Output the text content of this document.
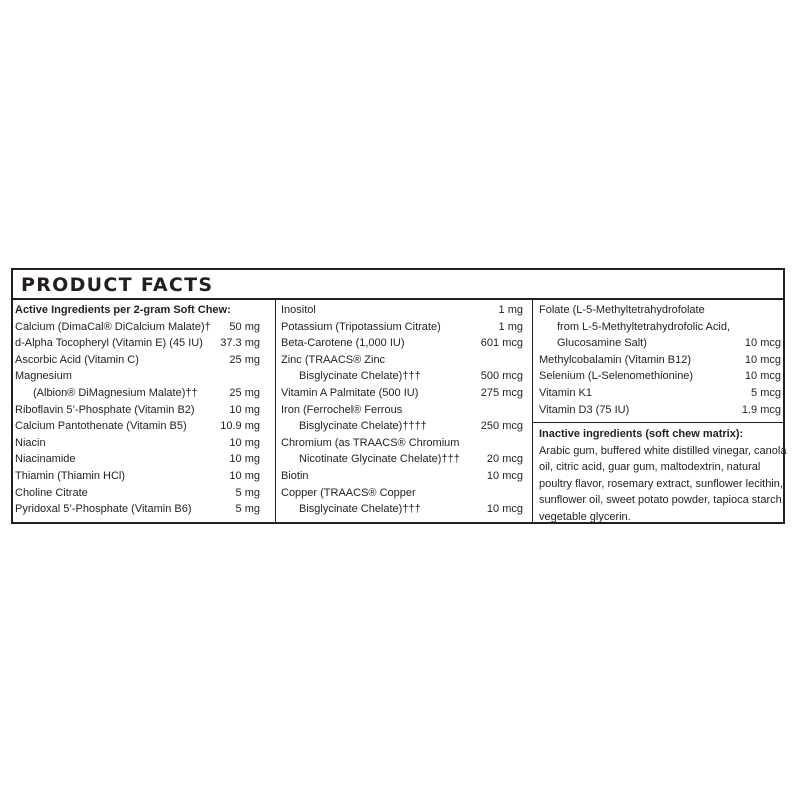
PRODUCT FACTS
Active Ingredients per 2-gram Soft Chew:
Calcium (DimaCal® DiCalcium Malate)† 50 mg
d-Alpha Tocopheryl (Vitamin E) (45 IU) 37.3 mg
Ascorbic Acid (Vitamin C)	25 mg
Magnesium
(Albion® DiMagnesium Malate)††	25 mg
Riboflavin 5’-Phosphate (Vitamin B2)	10 mg
Calcium Pantothenate (Vitamin B5)	10.9 mg
Niacin	10 mg
Niacinamide	10 mg
Thiamin (Thiamin HCl)	10 mg
Choline Citrate	5 mg
Pyridoxal 5’-Phosphate (Vitamin B6)	5 mg
Inositol	1 mg
Potassium (Tripotassium Citrate)	1 mg
Beta-Carotene (1,000 IU)	601 mcg
Zinc (TRAACS® Zinc
Bisglycinate Chelate)†††	500 mcg
Vitamin A Palmitate (500 IU)	275 mcg
Iron (Ferrochel® Ferrous
Bisglycinate Chelate)††††	250 mcg
Chromium (as TRAACS® Chromium
Nicotinate Glycinate Chelate)††† 20 mcg
Biotin	10 mcg
Copper (TRAACS® Copper
Bisglycinate Chelate)†††	10 mcg
Folate (L-5-Methyltetrahydrofolate
from L-5-Methyltetrahydrofolic Acid,
Glucosamine Salt)	10 mcg
Methylcobalamin (Vitamin B12)	10 mcg
Selenium (L-Selenomethionine)	10 mcg
Vitamin K1	5 mcg
Vitamin D3 (75 IU)	1.9 mcg
Inactive ingredients (soft chew matrix):
Arabic gum, buffered white distilled vinegar, canola
oil, citric acid, guar gum, maltodextrin, natural
poultry flavor, rosemary extract, sunflower lecithin,
sunflower oil, sweet potato powder, tapioca starch,
vegetable glycerin.
